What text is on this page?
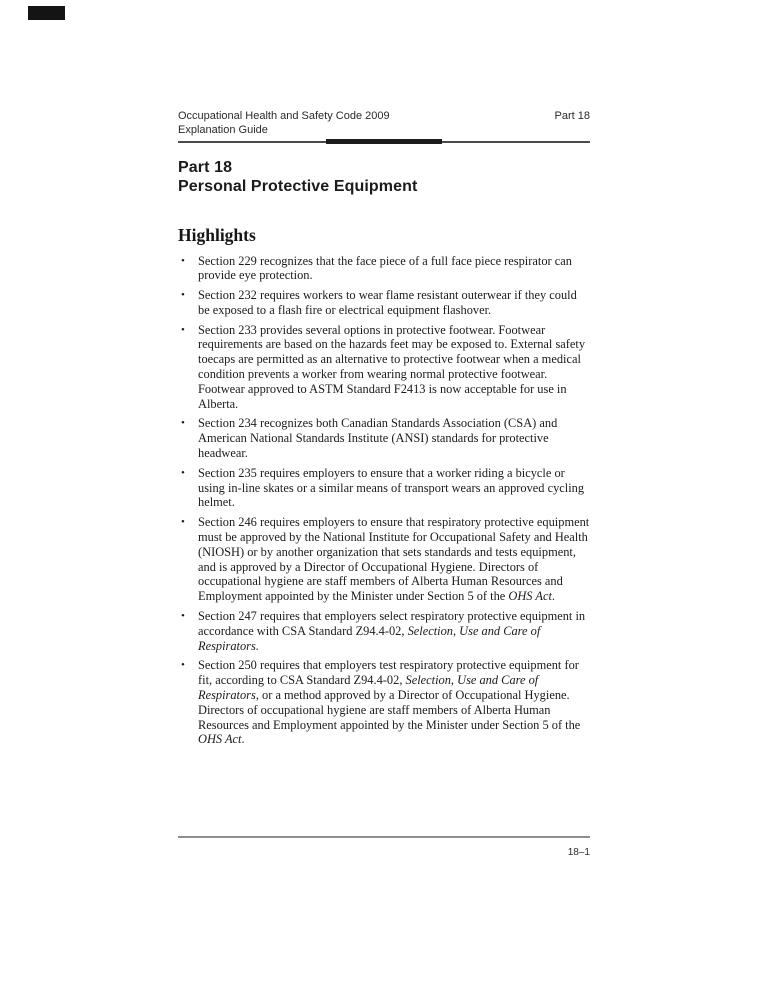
Occupational Health and Safety Code 2009
Explanation Guide
Part 18
Part 18
Personal Protective Equipment
Highlights
• Section 229 recognizes that the face piece of a full face piece respirator can provide eye protection.
• Section 232 requires workers to wear flame resistant outerwear if they could be exposed to a flash fire or electrical equipment flashover.
• Section 233 provides several options in protective footwear. Footwear requirements are based on the hazards feet may be exposed to. External safety toecaps are permitted as an alternative to protective footwear when a medical condition prevents a worker from wearing normal protective footwear. Footwear approved to ASTM Standard F2413 is now acceptable for use in Alberta.
• Section 234 recognizes both Canadian Standards Association (CSA) and American National Standards Institute (ANSI) standards for protective headwear.
• Section 235 requires employers to ensure that a worker riding a bicycle or using in-line skates or a similar means of transport wears an approved cycling helmet.
• Section 246 requires employers to ensure that respiratory protective equipment must be approved by the National Institute for Occupational Safety and Health (NIOSH) or by another organization that sets standards and tests equipment, and is approved by a Director of Occupational Hygiene. Directors of occupational hygiene are staff members of Alberta Human Resources and Employment appointed by the Minister under Section 5 of the OHS Act.
• Section 247 requires that employers select respiratory protective equipment in accordance with CSA Standard Z94.4-02, Selection, Use and Care of Respirators.
• Section 250 requires that employers test respiratory protective equipment for fit, according to CSA Standard Z94.4-02, Selection, Use and Care of Respirators, or a method approved by a Director of Occupational Hygiene. Directors of occupational hygiene are staff members of Alberta Human Resources and Employment appointed by the Minister under Section 5 of the OHS Act.
18–1
